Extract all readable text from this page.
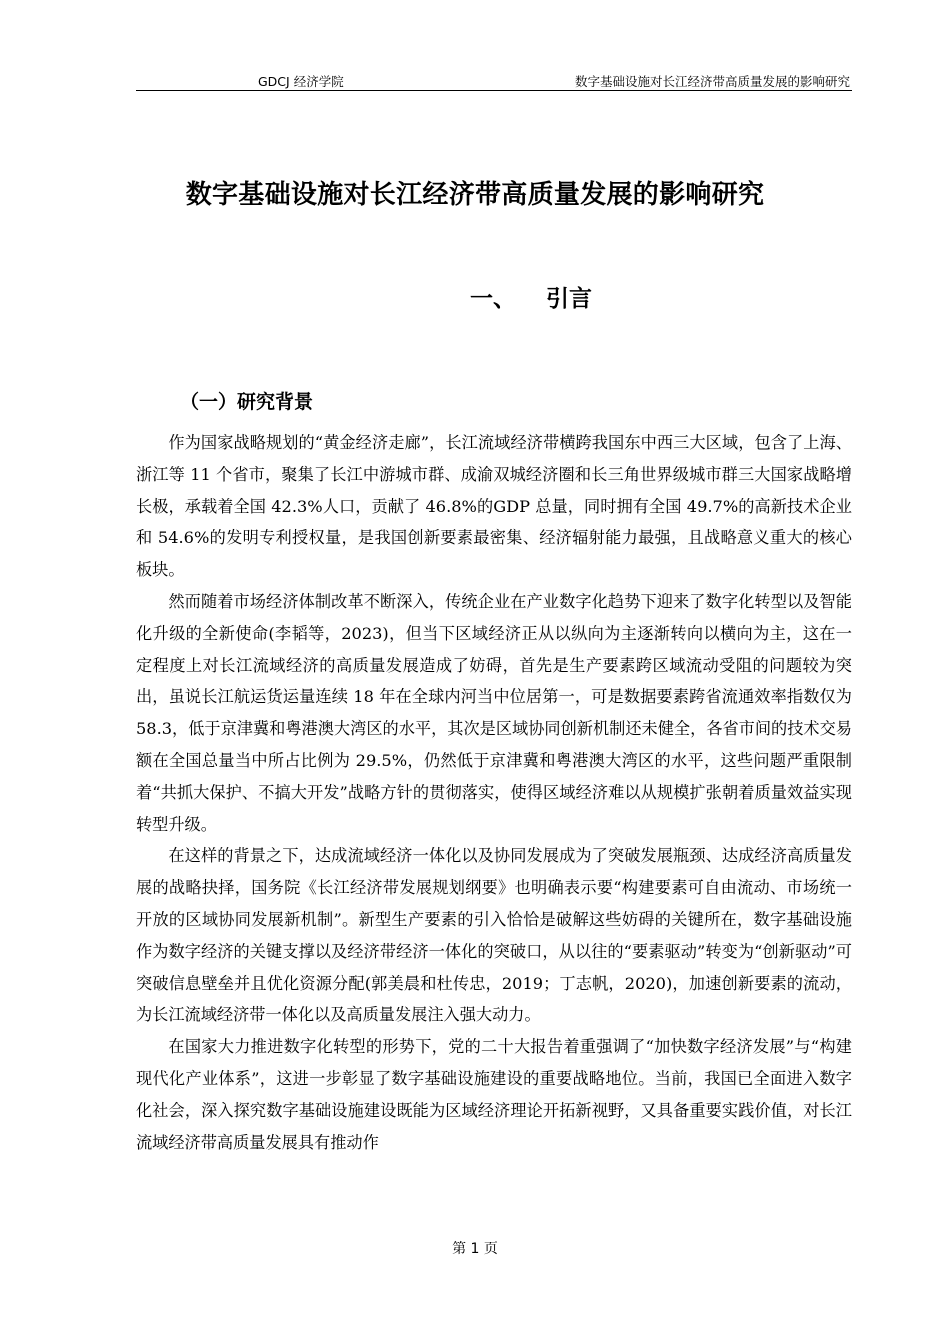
GDCJ 经济学院	数字基础设施对长江经济带高质量发展的影响研究
数字基础设施对长江经济带高质量发展的影响研究
一、 引言
（一）研究背景

作为国家战略规划的“黄金经济走廊”，长江流域经济带横跨我国东中西三大区域，包含了上海、浙江等 11 个省市，聚集了长江中游城市群、成渝双城经济圈和长三角世界级城市群三大国家战略增长极，承载着全国 42.3%人口，贡献了 46.8%的GDP 总量，同时拥有全国 49.7%的高新技术企业和 54.6%的发明专利授权量，是我国创新要素最密集、经济辐射能力最强，且战略意义重大的核心板块。

然而随着市场经济体制改革不断深入，传统企业在产业数字化趋势下迎来了数字化转型以及智能化升级的全新使命(李韬等，2023)，但当下区域经济正从以纵向为主逐渐转向以横向为主，这在一定程度上对长江流域经济的高质量发展造成了妨碍，首先是生产要素跨区域流动受阻的问题较为突出，虽说长江航运货运量连续 18 年在全球内河当中位居第一，可是数据要素跨省流通效率指数仅为 58.3，低于京津冀和粤港澳大湾区的水平，其次是区域协同创新机制还未健全，各省市间的技术交易额在全国总量当中所占比例为 29.5%，仍然低于京津冀和粤港澳大湾区的水平，这些问题严重限制着“共抓大保护、不搞大开发”战略方针的贯彻落实，使得区域经济难以从规模扩张朝着质量效益实现转型升级。

在这样的背景之下，达成流域经济一体化以及协同发展成为了突破发展瓶颈、达成经济高质量发展的战略抉择，国务院《长江经济带发展规划纲要》也明确表示要“构建要素可自由流动、市场统一开放的区域协同发展新机制”。新型生产要素的引入恰恰是破解这些妨碍的关键所在，数字基础设施作为数字经济的关键支撑以及经济带经济一体化的突破口，从以往的“要素驱动”转变为“创新驱动”可突破信息壁垒并且优化资源分配(郭美晨和杜传忠，2019；丁志帆，2020)，加速创新要素的流动，为长江流域经济带一体化以及高质量发展注入强大动力。

在国家大力推进数字化转型的形势下，党的二十大报告着重强调了“加快数字经济发展”与“构建现代化产业体系”，这进一步彰显了数字基础设施建设的重要战略地位。当前，我国已全面进入数字化社会，深入探究数字基础设施建设既能为区域经济理论开拓新视野，又具备重要实践价值，对长江流域经济带高质量发展具有推动作

第 1 页
